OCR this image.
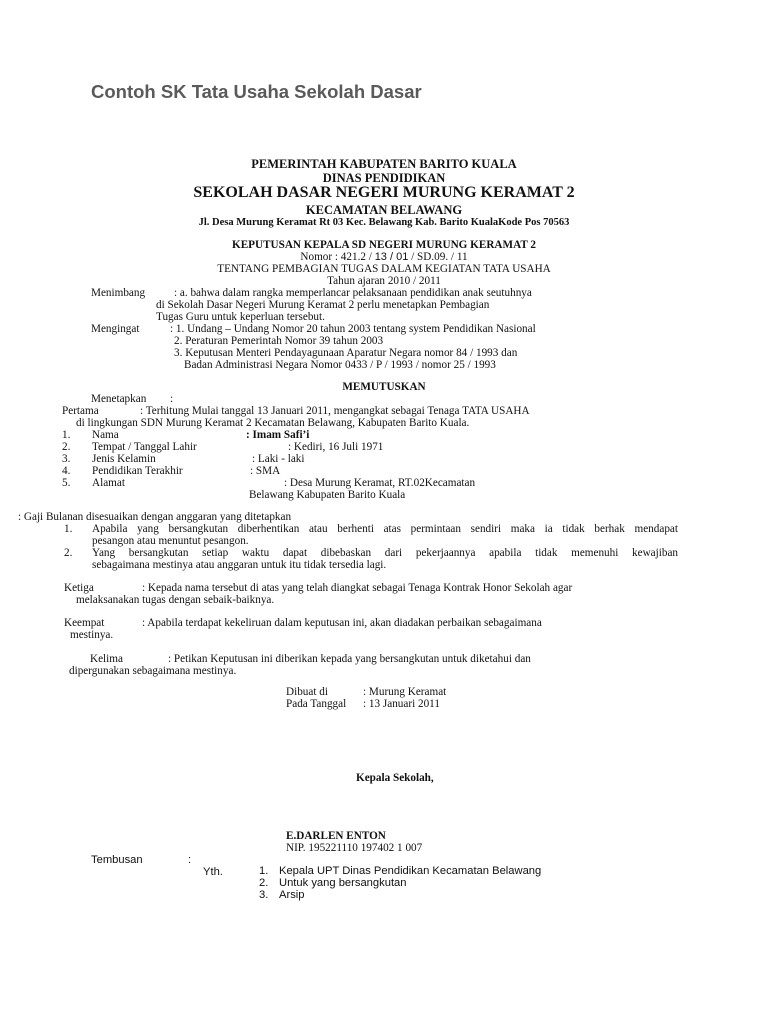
Contoh SK Tata Usaha Sekolah Dasar
PEMERINTAH KABUPATEN BARITO KUALA
DINAS PENDIDIKAN
SEKOLAH DASAR NEGERI MURUNG KERAMAT 2
KECAMATAN BELAWANG
Jl. Desa Murung Keramat Rt 03 Kec. Belawang Kab. Barito KualaKode Pos 70563
KEPUTUSAN KEPALA SD NEGERI MURUNG KERAMAT 2
Nomor : 421.2 / 13 / 01 / SD.09. / 11
TENTANG PEMBAGIAN TUGAS DALAM KEGIATAN TATA USAHA
Tahun ajaran 2010 / 2011
Menimbang	: a. bahwa dalam rangka memperlancar pelaksanaan pendidikan anak seutuhnya
di Sekolah Dasar Negeri Murung Keramat 2 perlu menetapkan Pembagian
Tugas Guru untuk keperluan tersebut.
Mengingat	: 1. Undang – Undang Nomor 20 tahun 2003 tentang system Pendidikan Nasional
2. Peraturan Pemerintah Nomor 39 tahun 2003
3. Keputusan Menteri Pendayagunaan Aparatur Negara nomor 84 / 1993 dan
Badan Administrasi Negara Nomor 0433 / P / 1993 / nomor 25 / 1993
MEMUTUSKAN
Menetapkan :
Pertama	: Terhitung Mulai tanggal 13 Januari 2011, mengangkat sebagai Tenaga TATA USAHA
di lingkungan SDN Murung Keramat 2 Kecamatan Belawang, Kabupaten Barito Kuala.
1. Nama	: Imam Safi’i
2. Tempat / Tanggal Lahir	: Kediri, 16 Juli 1971
3. Jenis Kelamin	: Laki - laki
4. Pendidikan Terakhir	: SMA
5. Alamat	: Desa Murung Keramat, RT.02Kecamatan
Belawang Kabupaten Barito Kuala
: Gaji Bulanan disesuaikan dengan anggaran yang ditetapkan
1. Apabila yang bersangkutan diberhentikan atau berhenti atas permintaan sendiri maka ia tidak berhak mendapat
pesangon atau menuntut pesangon.
2. Yang bersangkutan setiap waktu dapat dibebaskan dari pekerjaannya apabila tidak memenuhi kewajiban
sebagaimana mestinya atau anggaran untuk itu tidak tersedia lagi.
Ketiga	: Kepada nama tersebut di atas yang telah diangkat sebagai Tenaga Kontrak Honor Sekolah agar
melaksanakan tugas dengan sebaik-baiknya.
Keempat	: Apabila terdapat kekeliruan dalam keputusan ini, akan diadakan perbaikan sebagaimana
mestinya.
Kelima	: Petikan Keputusan ini diberikan kepada yang bersangkutan untuk diketahui dan
dipergunakan sebagaimana mestinya.
Dibuat di	: Murung Keramat
Pada Tanggal : 13 Januari 2011
Kepala Sekolah,
E.DARLEN ENTON
NIP. 195221110 197402 1 007
Tembusan	:
Yth.	1. Kepala UPT Dinas Pendidikan Kecamatan Belawang
2. Untuk yang bersangkutan
3. Arsip
